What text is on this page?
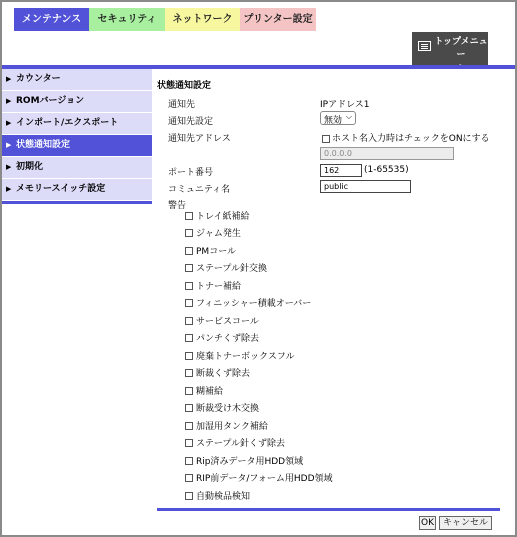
メンテナンス	セキュリティ	ネットワーク	プリンター設定
トップメニュー

▶ カウンター
▶ ROMバージョン
▶ インポート/エクスポート
▶ 状態通知設定
▶ 初期化
▶ メモリースイッチ設定
状態通知設定
通知先	IPアドレス1
通知先設定	無効 ⌵
通知先アドレス	ホスト名入力時はチェックをONにする
0.0.0.0
ポート番号	162	(1-65535)
コミュニティ名	public
警告
トレイ紙補給
ジャム発生
PMコール
ステープル針交換
トナー補給
フィニッシャー積載オーバー
サービスコール
パンチくず除去
廃棄トナーボックスフル
断裁くず除去
糊補給
断裁受け木交換
加湿用タンク補給
ステープル針くず除去
Rip済みデータ用HDD領域
RIP前データ/フォーム用HDD領域
自動検品検知
OK キャンセル
